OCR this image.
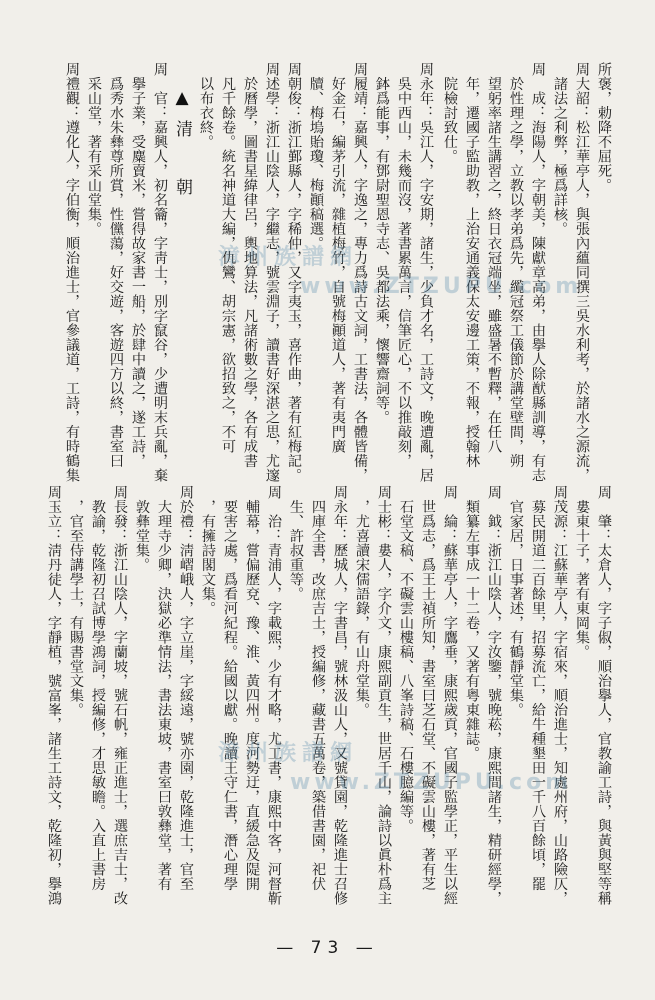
所褒，勅降不屈死。
周大韶：松江華亭人，與張內蘊同撰三吳水利考，於諸水之源流，
　諸法之利弊，極爲詳核。
周　成：海陽人，字朝美，陳獻章高弟，由擧人除猷縣訓導，有志
　於性理之學，立教以孝弟爲先，䌫冠祭工儀節於講堂壁間，朔
　望躬率諸生講習之，終日衣冠端坐，雖盛暑不暫釋，在任八
　年，遷國子監助教，上治安通義保太安邊工策，不報，授翰林
　院檢討致仕。
周永年：吳江人，字安期，諸生，少負才名，工詩文，晚遭亂，居
　吳中西山，未幾而沒，著書累萬言，信筆匠心，不以推敲刻，
　鉢爲能事，有鄧尉聖恩寺志、吳都法乘，懷響齋詞等。
周履靖：嘉興人，字逸之，專力爲詩古文詞，工書法，各體皆備，
　好金石，編茅引流，雜植梅竹，自號梅顚道人，著有夷門廣
　牘、梅塢貽瓊、梅顚稿選。
周朝俊：浙江鄞縣人，字稀仲，又字夷玉，喜作曲，著有紅梅記。
周述學：浙江山陰人，字繼志，號雲淵子，讀書好深湛之思，尤邃
　於曆學，圖書星緯律呂，輿地算法，凡諸術數之學，各有成書
　凡千餘卷。統名神道大編，仇鸞、胡宗憲，欲招致之，不可
　以布衣終。
▲清　朝
周　官：嘉興人，初名籥，字靑士，別字竄谷，少遭明末兵亂，棄
　擧子業，受麋賣米，嘗得故家書一船，於肆中讀之，遂工詩，
　爲秀水朱彝尊所賞，性儻蕩，好交遊，客遊四方以終，書室曰
　采山堂，著有采山堂集。
周禮觀：遵化人，字伯衡，順治進士，官參議道，工詩，有時鶴集
周　肇：太倉人，字子俶，順治擧人，官教諭工詩，與黃與堅等稱
　婁東十子，著有東岡集。
周茂源：江蘇華亭人，字宿來，順治進士，知處州府，山路險仄，
　募民開道二百餘里，招募流亡，給牛種墾田一千八百餘頃，罷
　官家居，日事著述，有鶴靜堂集。
周　鉞：浙江山陰人，字汝鑒，號晚菘，康熙間諸生，精研經學，
　類纂左事成一十二卷，又著有粤東雜誌。
周　綸：蘇華亭人，字鷹垂，康熙歲貢，官國子監學正，平生以經
　世爲志，爲王士禎所知，書室曰芝石堂、不礙雲山樓，著有芝
　石堂文稿、不礙雲山樓稿、八峯詩稿、石樓臆編等。
周士彬：婁人，字介文，康熙副貢生，世居千山，論詩以眞朴爲主
　，尤喜讀宋儒語錄，有山舟堂集。
周永年：歷城人，字書昌，號林汲山人，又號貸園，乾隆進士召修
　四庫全書，改庶吉士，授編修，藏書五萬卷，築借書園，祀伏
　生、許叔重等。
周　治：青浦人，字載熙，少有才略，尤工書，康熙中客，河督靳
　輔幕，嘗偏歷兗、豫、淮、黃四州。度河勢迂，直緩急及隄開
　要害之處，爲看河紀程。給國以獻。晚讀王守仁書，潛心理學
　，有擁詩閣文集。
周於禮：淸嶍峨人，字立崖，字綏遠，號亦園，乾隆進士，官至
　大理寺少卿，決獄必準情法，書法東坡，書室曰敦彝堂，著有
　敦彝堂集。
周長發：浙江山陰人，字蘭坡，號石帆，雍正進士，選庶吉士，改
　教諭，乾隆初召試博學鴻詞，授編修，才思敏瞻。入直上書房
　，官至侍講學士，有賜書堂文集。
周玉立：淸丹徒人，字靜植，號富峯，諸生工詩文，乾隆初，擧鴻
漳州族譜網
www.ZTZUPU.com
漳州族譜網
www.ZTZUPU.com
— 73 —
